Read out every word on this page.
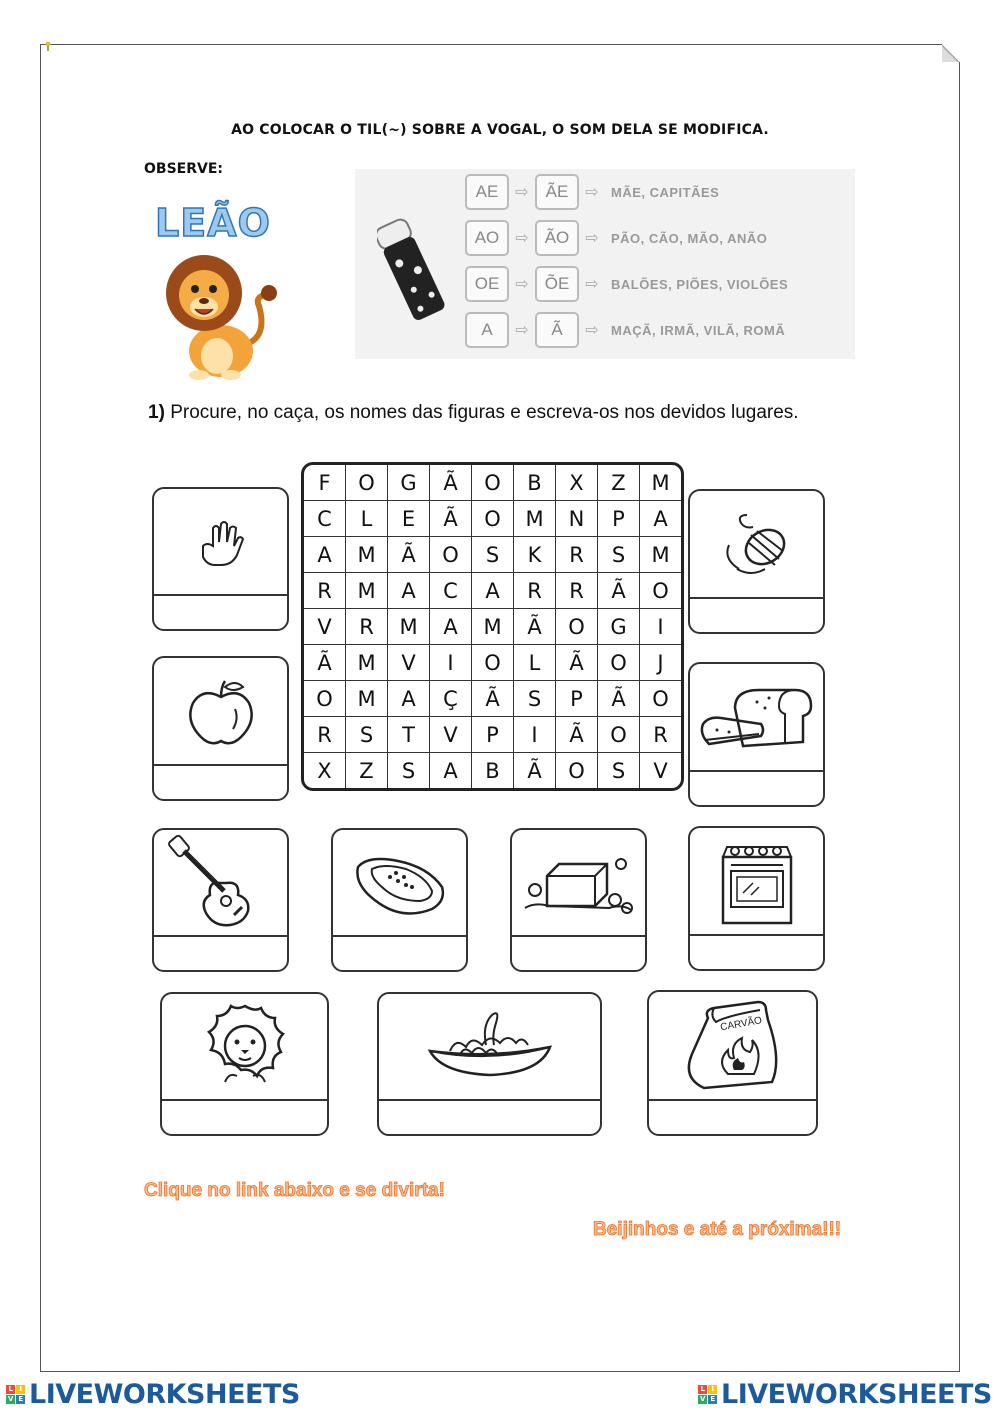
AO COLOCAR O TIL(~) SOBRE A VOGAL, O SOM DELA SE MODIFICA.
OBSERVE:
LEÃO
AE	⇨ ÃE	⇨ MÃE, CAPITÃES
AO	⇨ ÃO	⇨ PÃO, CÃO, MÃO, ANÃO
OE	⇨ ÕE	⇨ BALÕES, PIÕES, VIOLÕES
A	⇨	Ã	⇨ MAÇÃ, IRMÃ, VILÃ, ROMÃ
1) Procure, no caça, os nomes das figuras e escreva-os nos devidos lugares.
F	O	G	Ã	O	B	X	Z	M
C	L	E	Ã	O	M	N	P	A
A	M	Ã	O	S	K	R	S	M
R	M	A	C	A	R	R	Ã	O
V	R	M	A	M	Ã	O	G	I
Ã	M	V	I	O	L	Ã	O	J
O	M	A	Ç	Ã	S	P	Ã	O
R	S	T	V	P	I	Ã	O	R
X	Z	S	A	B	Ã	O	S	V
CARVÃO
Clique no link abaixo e se divirta!
Beijinhos e até a próxima!!!
L I
V E LIVEWORKSHEETS	L I
V E LIVEWORKSHEETS
